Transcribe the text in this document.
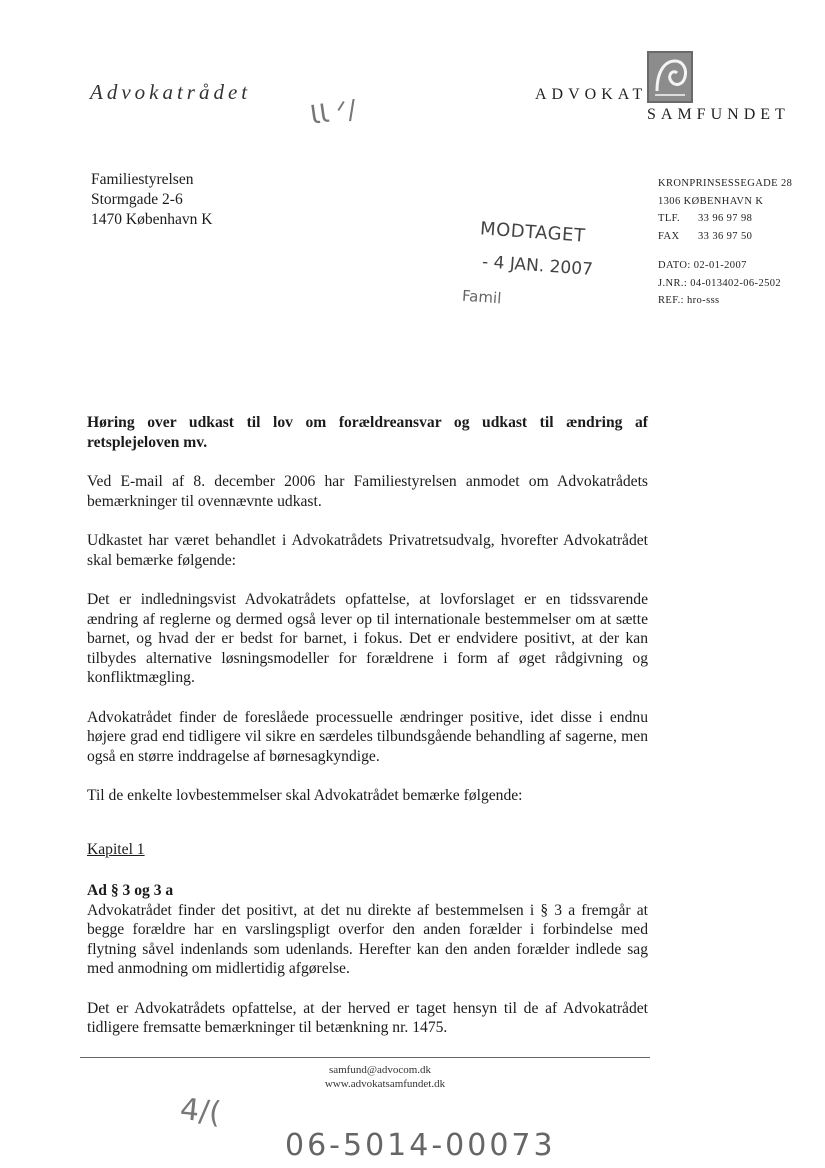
Advokatrådet	ADVOKAT
SAMFUNDET
ƖƖ ᐟ/
Familiestyrelsen
Stormgade 2-6
1470 København K
KRONPRINSESSEGADE 28
1306 KØBENHAVN K
TLF. 33 96 97 98
FAX 33 36 97 50
DATO: 02-01-2007
J.NR.: 04-013402-06-2502
REF.: hro-sss
MODTAGET
- 4 JAN. 2007
Famil

Høring over udkast til lov om forældreansvar og udkast til ændring af retsplejeloven mv.

Ved E-mail af 8. december 2006 har Familiestyrelsen anmodet om Advokatrådets bemærkninger til ovennævnte udkast.

Udkastet har været behandlet i Advokatrådets Privatretsudvalg, hvorefter Advokatrådet skal bemærke følgende:

Det er indledningsvist Advokatrådets opfattelse, at lovforslaget er en tidssvarende ændring af reglerne og dermed også lever op til internationale bestemmelser om at sætte barnet, og hvad der er bedst for barnet, i fokus. Det er endvidere positivt, at der kan tilbydes alternative løsningsmodeller for forældrene i form af øget rådgivning og konfliktmægling.

Advokatrådet finder de foreslåede processuelle ændringer positive, idet disse i endnu højere grad end tidligere vil sikre en særdeles tilbundsgående behandling af sagerne, men også en større inddragelse af børnesagkyndige.

Til de enkelte lovbestemmelser skal Advokatrådet bemærke følgende:

Kapitel 1

Ad § 3 og 3 a

Advokatrådet finder det positivt, at det nu direkte af bestemmelsen i § 3 a fremgår at begge forældre har en varslingspligt overfor den anden forælder i forbindelse med flytning såvel indenlands som udenlands. Herefter kan den anden forælder indlede sag med anmodning om midlertidig afgørelse.

Det er Advokatrådets opfattelse, at der herved er taget hensyn til de af Advokatrådet tidligere fremsatte bemærkninger til betænkning nr. 1475.

samfund@advocom.dk
www.advokatsamfundet.dk
4/(
06-5014-00073
